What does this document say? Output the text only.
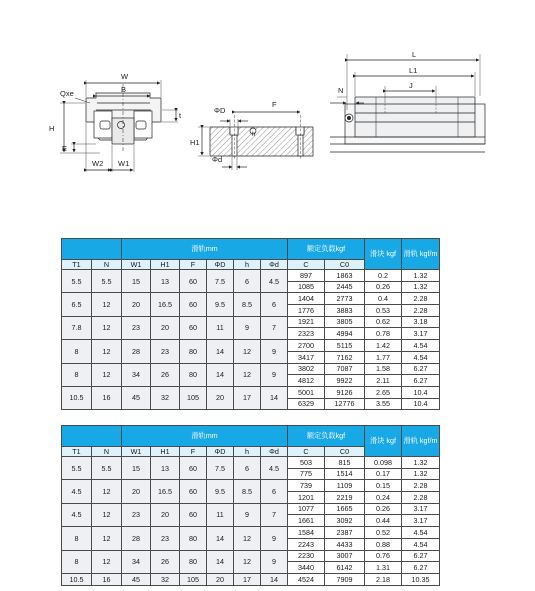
W
B
Qxe
H
E
W2 W1
t
ΦD
F
H1
h
Φd
L
L1
J
N
		滑轨mm						额定负载kgf		滑块 kgf	滑轨 kgf/m
T1	N	W1	H1	F	ΦD	h	Φd	C	C0		
5.5	5.5	15	13	60	7.5	6	4.5	897	1863	0.2	1.32
								1085	2445	0.26	1.32
6.5	12	20	16.5	60	9.5	8.5	6	1404	2773	0.4	2.28
								1776	3883	0.53	2.28
7.8	12	23	20	60	11	9	7	1921	3805	0.62	3.18
								2323	4994	0.78	3.17
8	12	28	23	80	14	12	9	2700	5115	1.42	4.54
								3417	7162	1.77	4.54
8	12	34	26	80	14	12	9	3802	7087	1.58	6.27
								4812	9922	2.11	6.27
10.5	16	45	32	105	20	17	14	5001	9126	2.65	10.4
								6329	12776	3.55	10.4
		滑轨mm						额定负载kgf		滑块 kgf	滑轨 kgf/m
T1	N	W1	H1	F	ΦD	h	Φd	C	C0		
5.5	5.5	15	13	60	7.5	6	4.5	503	815	0.098	1.32
								775	1514	0.17	1.32
4.5	12	20	16.5	60	9.5	8.5	6	739	1109	0.15	2.28
								1201	2219	0.24	2.28
4.5	12	23	20	60	11	9	7	1077	1665	0.26	3.17
								1661	3092	0.44	3.17
8	12	28	23	80	14	12	9	1584	2387	0.52	4.54
								2243	4433	0.88	4.54
8	12	34	26	80	14	12	9	2230	3007	0.76	6.27
								3440	6142	1.31	6.27
10.5	16	45	32	105	20	17	14	4524	7909	2.18	10.35
